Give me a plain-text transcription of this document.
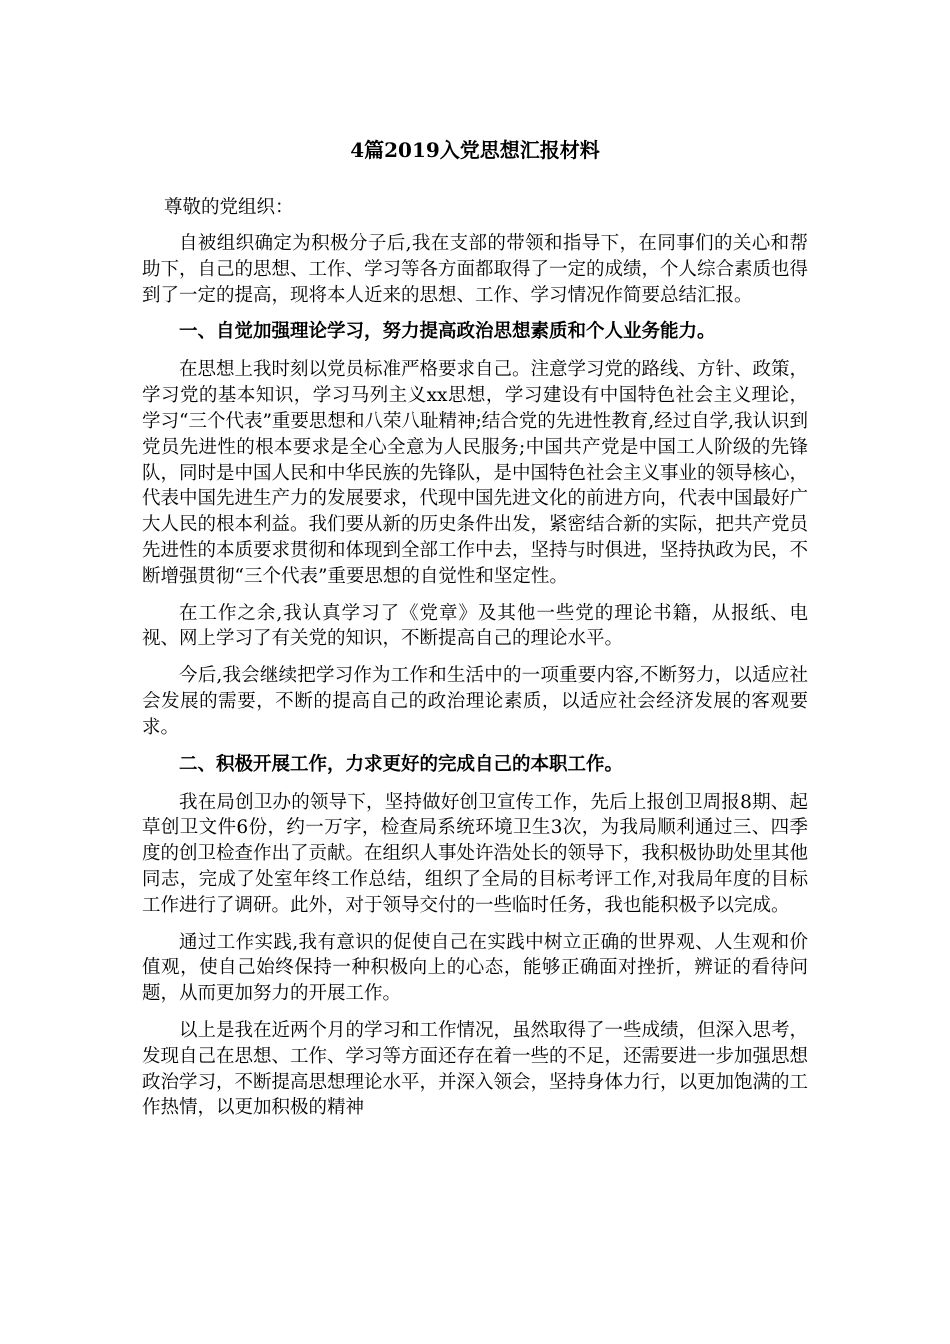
4篇2019入党思想汇报材料

尊敬的党组织：

自被组织确定为积极分子后,我在支部的带领和指导下，在同事们的关心和帮助下，自己的思想、工作、学习等各方面都取得了一定的成绩，个人综合素质也得到了一定的提高，现将本人近来的思想、工作、学习情况作简要总结汇报。

一、自觉加强理论学习，努力提高政治思想素质和个人业务能力。

在思想上我时刻以党员标准严格要求自己。注意学习党的路线、方针、政策，学习党的基本知识，学习马列主义xx思想，学习建设有中国特色社会主义理论，学习“三个代表”重要思想和八荣八耻精神;结合党的先进性教育,经过自学,我认识到党员先进性的根本要求是全心全意为人民服务;中国共产党是中国工人阶级的先锋队，同时是中国人民和中华民族的先锋队，是中国特色社会主义事业的领导核心，代表中国先进生产力的发展要求，代现中国先进文化的前进方向，代表中国最好广大人民的根本利益。我们要从新的历史条件出发，紧密结合新的实际，把共产党员先进性的本质要求贯彻和体现到全部工作中去，坚持与时俱进，坚持执政为民，不断增强贯彻“三个代表”重要思想的自觉性和坚定性。

在工作之余,我认真学习了《党章》及其他一些党的理论书籍，从报纸、电视、网上学习了有关党的知识，不断提高自己的理论水平。

今后,我会继续把学习作为工作和生活中的一项重要内容,不断努力，以适应社会发展的需要，不断的提高自己的政治理论素质，以适应社会经济发展的客观要求。

二、积极开展工作，力求更好的完成自己的本职工作。

我在局创卫办的领导下，坚持做好创卫宣传工作，先后上报创卫周报8期、起草创卫文件6份，约一万字，检查局系统环境卫生3次，为我局顺利通过三、四季度的创卫检查作出了贡献。在组织人事处许浩处长的领导下，我积极协助处里其他同志，完成了处室年终工作总结，组织了全局的目标考评工作,对我局年度的目标工作进行了调研。此外，对于领导交付的一些临时任务，我也能积极予以完成。

通过工作实践,我有意识的促使自己在实践中树立正确的世界观、人生观和价值观，使自己始终保持一种积极向上的心态，能够正确面对挫折，辨证的看待问题，从而更加努力的开展工作。

以上是我在近两个月的学习和工作情况，虽然取得了一些成绩，但深入思考，发现自己在思想、工作、学习等方面还存在着一些的不足，还需要进一步加强思想政治学习，不断提高思想理论水平，并深入领会，坚持身体力行，以更加饱满的工作热情，以更加积极的精神
